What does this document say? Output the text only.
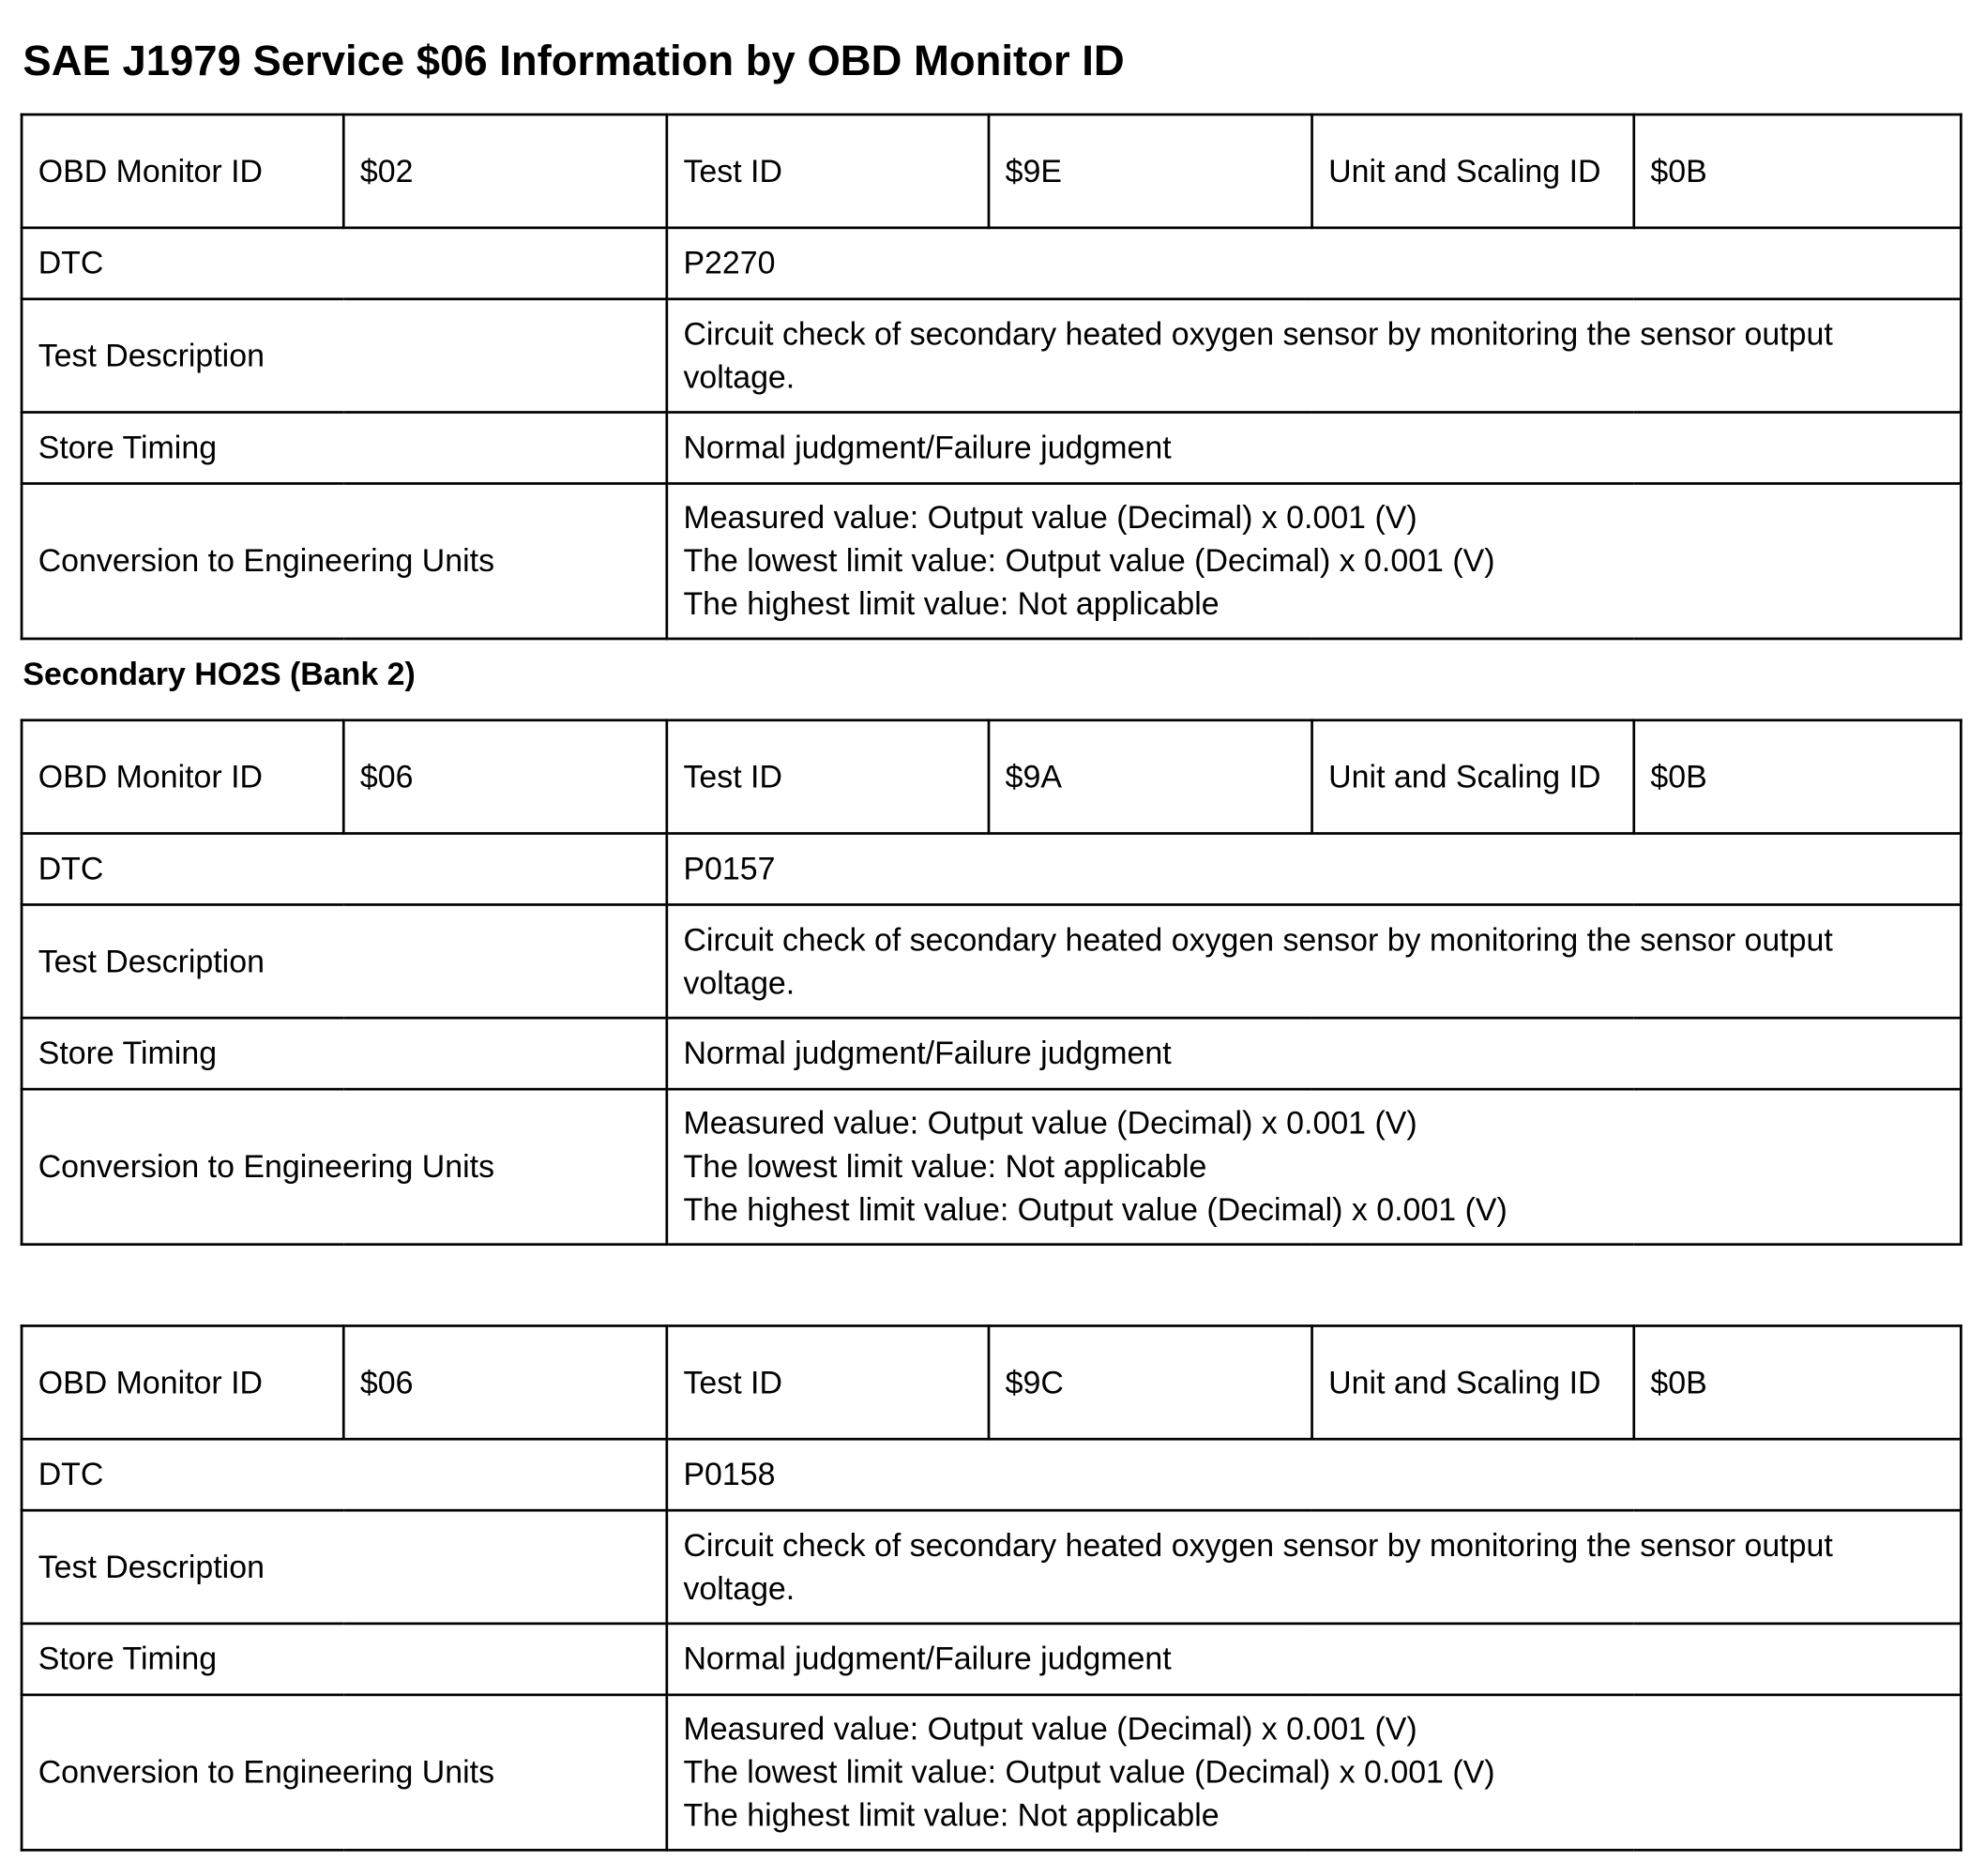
SAE J1979 Service $06 Information by OBD Monitor ID
OBD Monitor ID	$02	Test ID	$9E	Unit and Scaling ID	$0B
DTC		P2270			
Test Description		Circuit check of secondary heated oxygen sensor by monitoring the sensor output voltage.			
Store Timing		Normal judgment/Failure judgment			
Conversion to Engineering Units		Measured value: Output value (Decimal) x 0.001 (V)
The lowest limit value: Output value (Decimal) x 0.001 (V)
The highest limit value: Not applicable			
Secondary HO2S (Bank 2)
OBD Monitor ID	$06	Test ID	$9A	Unit and Scaling ID	$0B
DTC		P0157			
Test Description		Circuit check of secondary heated oxygen sensor by monitoring the sensor output voltage.			
Store Timing		Normal judgment/Failure judgment			
Conversion to Engineering Units		Measured value: Output value (Decimal) x 0.001 (V)
The lowest limit value: Not applicable
The highest limit value: Output value (Decimal) x 0.001 (V)			
OBD Monitor ID	$06	Test ID	$9C	Unit and Scaling ID	$0B
DTC		P0158			
Test Description		Circuit check of secondary heated oxygen sensor by monitoring the sensor output voltage.			
Store Timing		Normal judgment/Failure judgment			
Conversion to Engineering Units		Measured value: Output value (Decimal) x 0.001 (V)
The lowest limit value: Output value (Decimal) x 0.001 (V)
The highest limit value: Not applicable			
